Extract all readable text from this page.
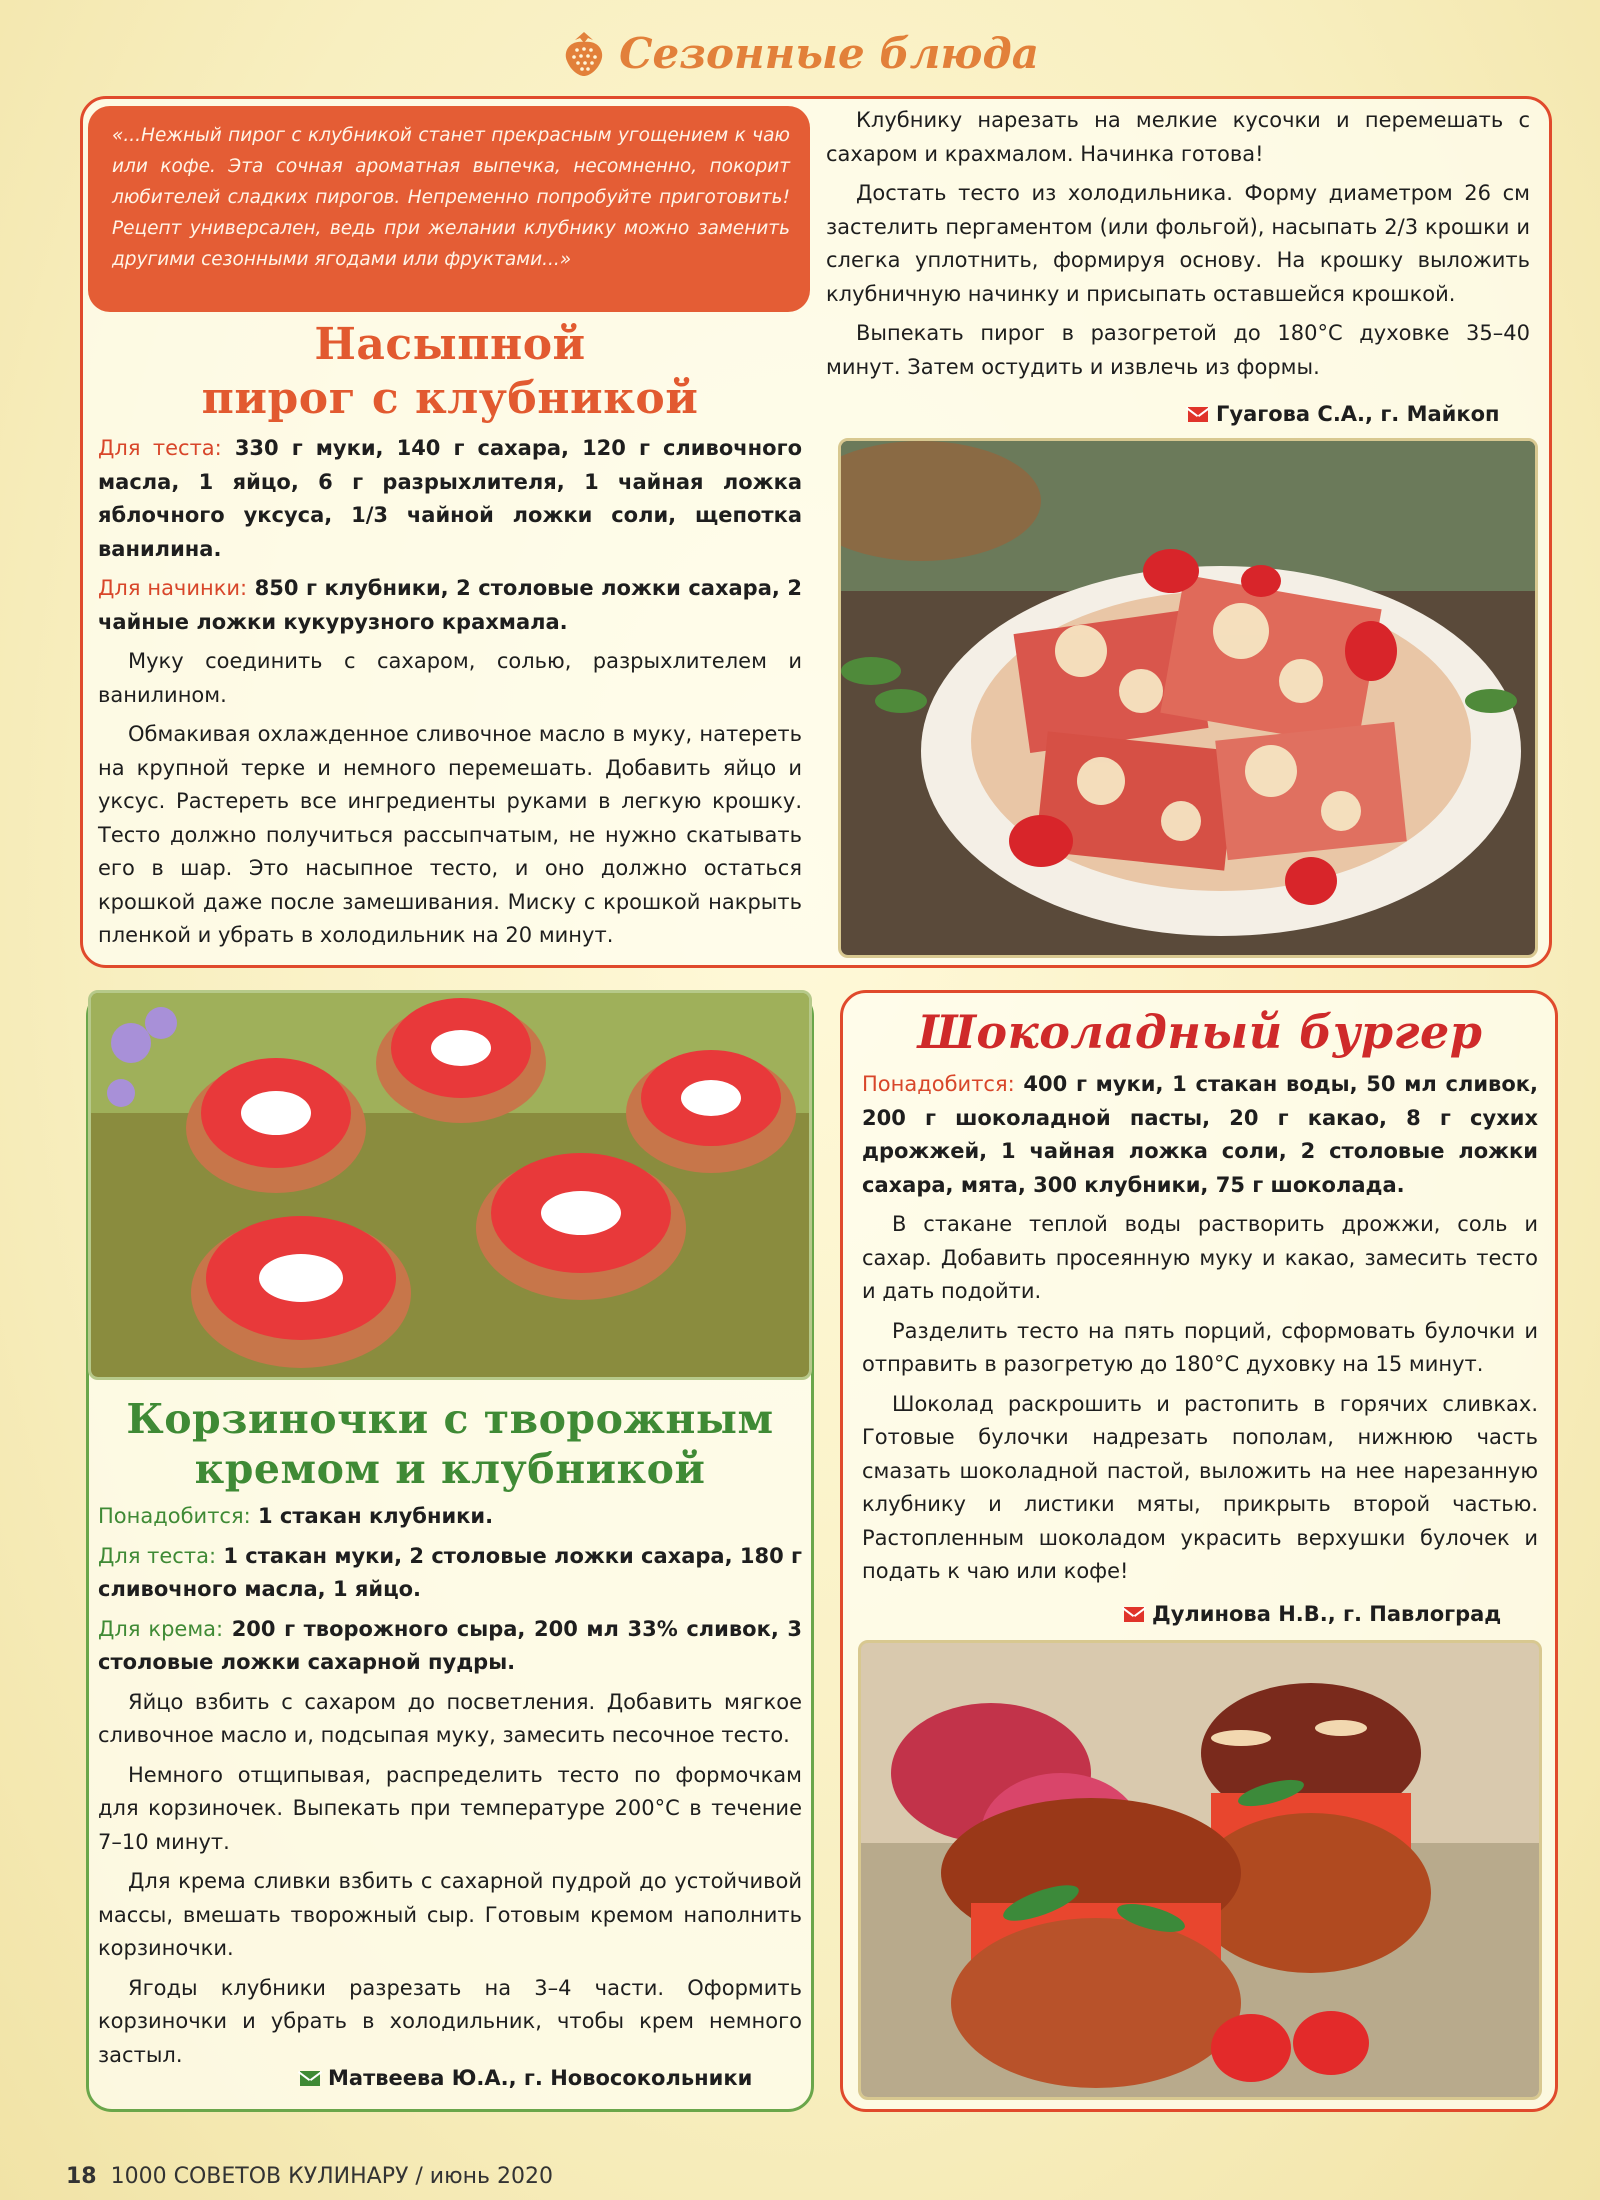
Сезонные блюда
«...Нежный пирог с клубникой станет прекрасным угощением к чаю или кофе. Эта сочная ароматная выпечка, несомненно, покорит любителей сладких пирогов. Непременно попробуйте приготовить! Рецепт универсален, ведь при желании клубнику можно заменить другими сезонными ягодами или фруктами...»
Насыпной
пирог с клубникой

Для теста: 330 г муки, 140 г сахара, 120 г сливочного масла, 1 яйцо, 6 г разрыхлителя, 1 чайная ложка яблочного уксуса, 1/3 чайной ложки соли, щепотка ванилина.

Для начинки: 850 г клубники, 2 столовые ложки сахара, 2 чайные ложки кукурузного крахмала.

Муку соединить с сахаром, солью, разрыхлителем и ванилином.

Обмакивая охлажденное сливочное масло в муку, натереть на крупной терке и немного перемешать. Добавить яйцо и уксус. Растереть все ингредиенты руками в легкую крошку. Тесто должно получиться рассыпчатым, не нужно скатывать его в шар. Это насыпное тесто, и оно должно остаться крошкой даже после замешивания. Миску с крошкой накрыть пленкой и убрать в холодильник на 20 минут.

Клубнику нарезать на мелкие кусочки и перемешать с сахаром и крахмалом. Начинка готова!

Достать тесто из холодильника. Форму диаметром 26 см застелить пергаментом (или фольгой), насыпать 2/3 крошки и слегка уплотнить, формируя основу. На крошку выложить клубничную начинку и присыпать оставшейся крошкой.

Выпекать пирог в разогретой до 180°С духовке 35–40 минут. Затем остудить и извлечь из формы.

Гуагова С.А., г. Майкоп
Корзиночки с творожным
кремом и клубникой

Понадобится: 1 стакан клубники.

Для теста: 1 стакан муки, 2 столовые ложки сахара, 180 г сливочного масла, 1 яйцо.

Для крема: 200 г творожного сыра, 200 мл 33% сливок, 3 столовые ложки сахарной пудры.

Яйцо взбить с сахаром до посветления. Добавить мягкое сливочное масло и, подсыпая муку, замесить песочное тесто.

Немного отщипывая, распределить тесто по формочкам для корзиночек. Выпекать при температуре 200°С в течение 7–10 минут.

Для крема сливки взбить с сахарной пудрой до устойчивой массы, вмешать творожный сыр. Готовым кремом наполнить корзиночки.

Ягоды клубники разрезать на 3–4 части. Оформить корзиночки и убрать в холодильник, чтобы крем немного застыл.

Матвеева Ю.А., г. Новосокольники
Шоколадный бургер

Понадобится: 400 г муки, 1 стакан воды, 50 мл сливок, 200 г шоколадной пасты, 20 г какао, 8 г сухих дрожжей, 1 чайная ложка соли, 2 столовые ложки сахара, мята, 300 клубники, 75 г шоколада.

В стакане теплой воды растворить дрожжи, соль и сахар. Добавить просеянную муку и какао, замесить тесто и дать подойти.

Разделить тесто на пять порций, сформовать булочки и отправить в разогретую до 180°С духовку на 15 минут.

Шоколад раскрошить и растопить в горячих сливках. Готовые булочки надрезать пополам, нижнюю часть смазать шоколадной пастой, выложить на нее нарезанную клубнику и листики мяты, прикрыть второй частью. Растопленным шоколадом украсить верхушки булочек и подать к чаю или кофе!

Дулинова Н.В., г. Павлоград
18 1000 СОВЕТОВ КУЛИНАРУ / июнь 2020
